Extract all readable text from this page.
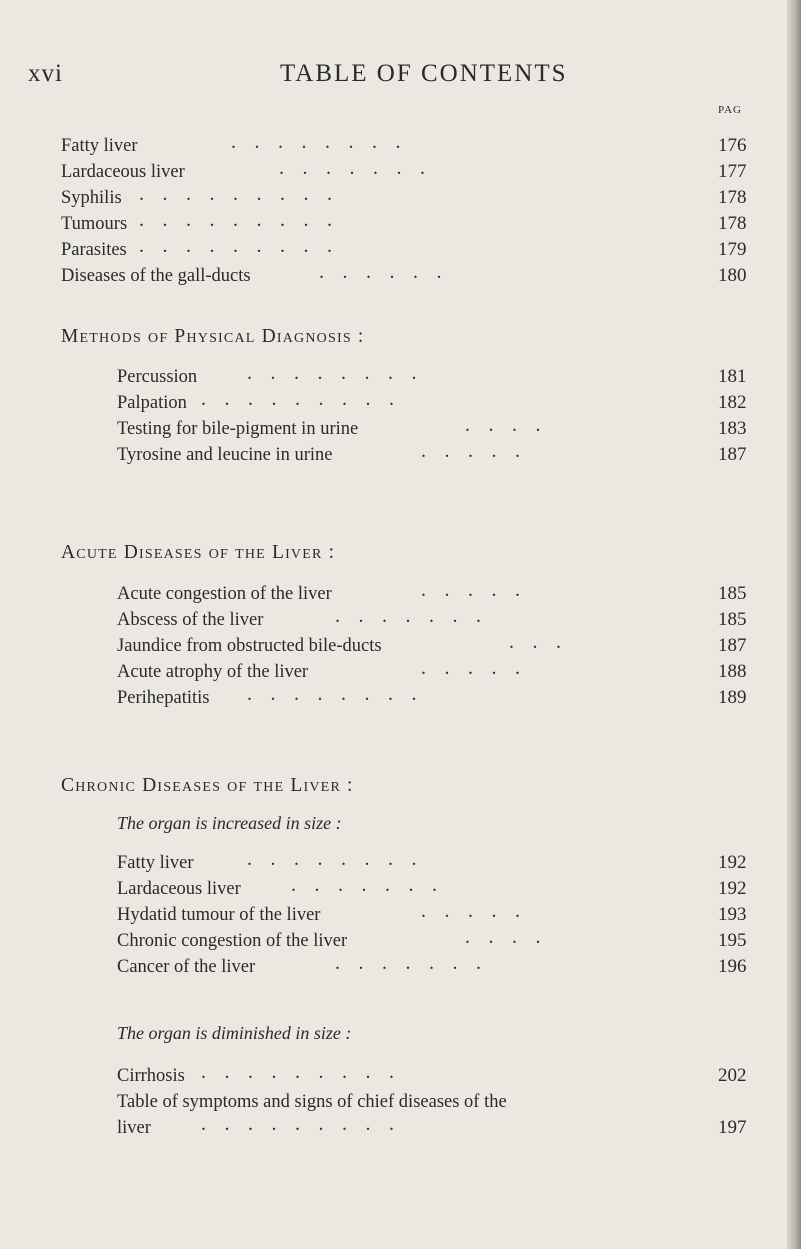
xvi	TABLE OF CONTENTS
PAG
Fatty liver	........	176
Lardaceous liver	.......	177
Syphilis .........	178
Tumours .........	178
Parasites .........	179
Diseases of the gall-ducts	......	180
Methods of Physical Diagnosis :
Percussion ........	181
Palpation .........	182
Testing for bile-pigment in urine	....	183
Tyrosine and leucine in urine	.....	187
Acute Diseases of the Liver :
Acute congestion of the liver	.....	185
Abscess of the liver	.......	185
Jaundice from obstructed bile-ducts	...	187
Acute atrophy of the liver	.....	188
Perihepatitis ........	189
Chronic Diseases of the Liver :
The organ is increased in size :
Fatty liver	........	192
Lardaceous liver	.......	192
Hydatid tumour of the liver	.....	193
Chronic congestion of the liver	....	195
Cancer of the liver	.......	196
The organ is diminished in size :
Cirrhosis .........	202
Table of symptoms and signs of chief diseases of the
liver	.........	197
